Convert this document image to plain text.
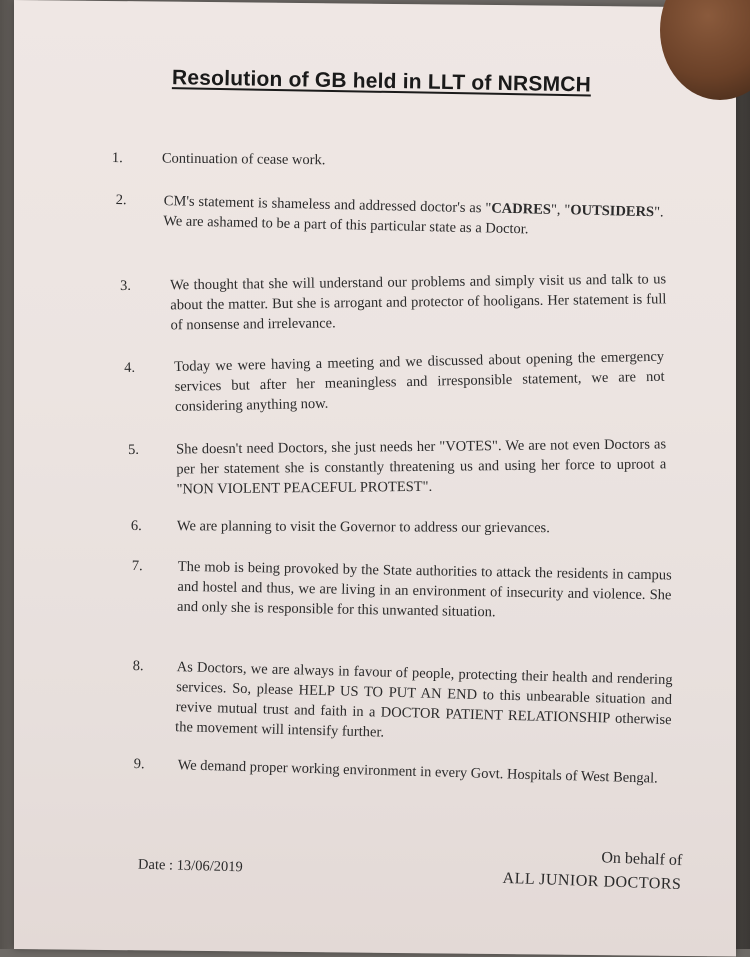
Resolution of GB held in LLT of NRSMCH
1.	Continuation of cease work.
2.	CM's statement is shameless and addressed doctor's as "CADRES", "OUTSIDERS". We are ashamed to be a part of this particular state as a Doctor.
3.	We thought that she will understand our problems and simply visit us and talk to us about the matter. But she is arrogant and protector of hooligans. Her statement is full of nonsense and irrelevance.
4.	Today we were having a meeting and we discussed about opening the emergency services but after her meaningless and irresponsible statement, we are not considering anything now.
5.	She doesn't need Doctors, she just needs her "VOTES". We are not even Doctors as per her statement she is constantly threatening us and using her force to uproot a "NON VIOLENT PEACEFUL PROTEST".
6. We are planning to visit the Governor to address our grievances.
7. The mob is being provoked by the State authorities to attack the residents in campus and hostel and thus, we are living in an environment of insecurity and violence. She and only she is responsible for this unwanted situation.
8. As Doctors, we are always in favour of people, protecting their health and rendering services. So, please HELP US TO PUT AN END to this unbearable situation and revive mutual trust and faith in a DOCTOR PATIENT RELATIONSHIP otherwise the movement will intensify further.
9. We demand proper working environment in every Govt. Hospitals of West Bengal.
Date : 13/06/2019	On behalf of
ALL JUNIOR DOCTORS
